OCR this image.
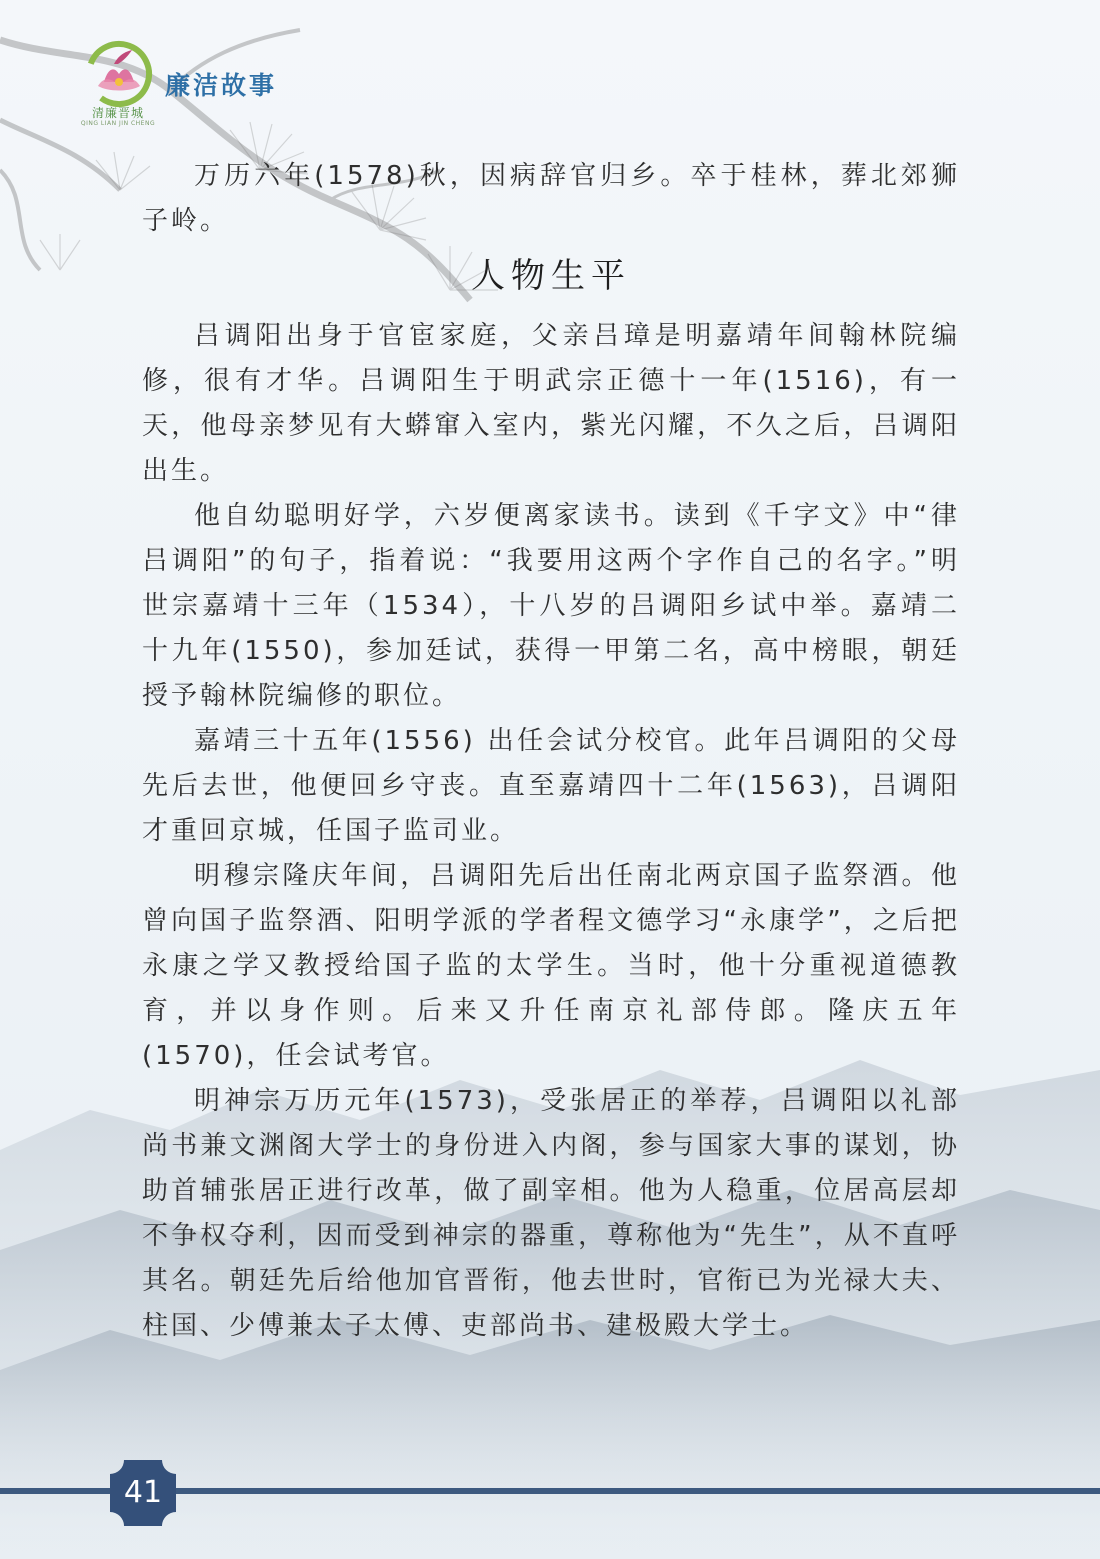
清廉晋城
QING LIAN JIN CHENG
廉洁故事

万历六年(1578)秋，因病辞官归乡。卒于桂林，葬北郊狮子岭。

人物生平

吕调阳出身于官宦家庭，父亲吕璋是明嘉靖年间翰林院编修，很有才华。吕调阳生于明武宗正德十一年(1516)，有一天，他母亲梦见有大蟒窜入室内，紫光闪耀，不久之后，吕调阳出生。

他自幼聪明好学，六岁便离家读书。读到《千字文》中“律吕调阳”的句子，指着说：“我要用这两个字作自己的名字。”明世宗嘉靖十三年（1534），十八岁的吕调阳乡试中举。嘉靖二十九年(1550)，参加廷试，获得一甲第二名，高中榜眼，朝廷授予翰林院编修的职位。

嘉靖三十五年(1556) 出任会试分校官。此年吕调阳的父母先后去世，他便回乡守丧。直至嘉靖四十二年(1563)，吕调阳才重回京城，任国子监司业。

明穆宗隆庆年间，吕调阳先后出任南北两京国子监祭酒。他曾向国子监祭酒、阳明学派的学者程文德学习“永康学”，之后把永康之学又教授给国子监的太学生。当时，他十分重视道德教育，并以身作则。后来又升任南京礼部侍郎。隆庆五年(1570)，任会试考官。

明神宗万历元年(1573)，受张居正的举荐，吕调阳以礼部尚书兼文渊阁大学士的身份进入内阁，参与国家大事的谋划，协助首辅张居正进行改革，做了副宰相。他为人稳重，位居高层却不争权夺利，因而受到神宗的器重，尊称他为“先生”，从不直呼其名。朝廷先后给他加官晋衔，他去世时，官衔已为光禄大夫、柱国、少傅兼太子太傅、吏部尚书、建极殿大学士。

41
